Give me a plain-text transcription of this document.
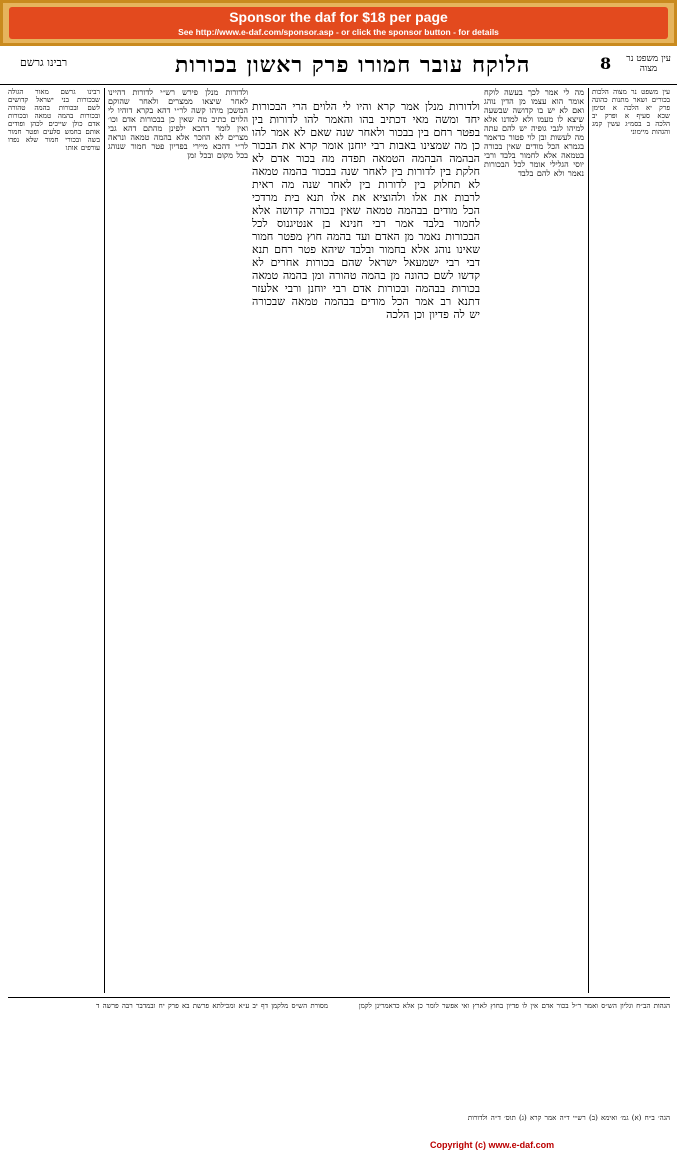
Sponsor the daf for $18 per page
See http://www.e-daf.com/sponsor.asp - or click the sponsor button - for details
רבינו גרשם	הלוקח עובר חמורו פרק ראשון בכורות	8	עין משפט נר מצוה
רבינו גרשם מאור הגולה שבכורות בני ישראל קדושים לשם ובכורות בהמה טהורה ובכורות בהמה טמאה ובכורות אדם כולן שייכים לכהן ופודים אותם בחמש סלעים ופטר חמור בשה ובכורי חמור שלא נפדו עורפים אותו
ולדורות מנלן פירש רש״י לדורות דהיינו לאחר שיצאו ממצרים ולאחר שהוקם המשכן מיהו קשה לר״י דהא בקרא דוהיו לי הלוים כתיב מה שאין כן בבכורות אדם וכו׳ ואין לומר דהכא ילפינן מהתם דהא גבי מצרים לא הוזכר אלא בהמה טמאה ונראה לר״י דהכא מיירי בפדיון פטר חמור שנוהג בכל מקום ובכל זמן
ולדורות מנלן אמר קרא והיו לי הלוים הרי הבכורות יחד ומשה מאי דכתיב בהו והאמר להו לדורות בין בפטר רחם בין בבכור ולאחר שנה שאם לא אמר להו כן מה שמצינו באבות רבי יוחנן אומר קרא את הבכור הבהמה הבהמה הטמאה תפדה מה בכור אדם לא חלקת בין לדורות בין לאחר שנה בבכור בהמה טמאה לא תחלוק בין לדורות בין לאחר שנה מה ראית לרבות את אלו ולהוציא את אלו תנא בית מרדכי הכל מודים בבהמה טמאה שאין בכורה קדושה אלא לחמור בלבד אמר רבי חנינא בן אנטיגנוס לכל הבכורות נאמר מן האדם ועד בהמה חוץ מפטר חמור שאינו נוהג אלא בחמור ובלבד שיהא פטר רחם תנא דבי רבי ישמעאל ישראל שהם בכורות אחרים לא קדשו לשם כהונה מן בהמה טהורה ומן בהמה טמאה בכורות בבהמה ובכורות אדם רבי יוחנן ורבי אלעזר דתנא רב אמר הכל מודים בבהמה טמאה שבכורה יש לה פדיון וכן הלכה
מה לי אמר לכך בעשה לוקח אומר הוא עצמו מן הדין נוהג ואם לא יש בו קדושה שבשעה שיצא לו מעמו ולא למדנו אלא למיהו לגבי גופיה יש להם עתה מה לעשות ובן לוי פטור כדאמר בגמרא הכל מודים שאין בכורה בטמאה אלא לחמור בלבד ורבי יוסי הגלילי אומר לכל הבכורות נאמר ולא להם בלבד
עין משפט נר מצוה הלכות בכורים ושאר מתנות כהונה פרק יא הלכה א וסימן שכא סעיף א ופרק יב הלכה ב בסמ״ג עשין קמג והגהות מיימוני
מסורת הש״ס מלקמן דף יב ע״א ומכילתא פרשת בא פרק יח ובמדבר רבה פרשה ד	הגהות הב״ח וגליון הש״ס ואמר ר״ל בכור אדם אין לו פדיון בחוץ לארץ ואי אפשר לומר כן אלא כדאמרינן לקמן
הגה׳ ב״ח (א) גמ׳ ואימא (ב) רש״י ד״ה אמר קרא (ג) תוס׳ ד״ה ולדורות
Copyright (c) www.e-daf.com
